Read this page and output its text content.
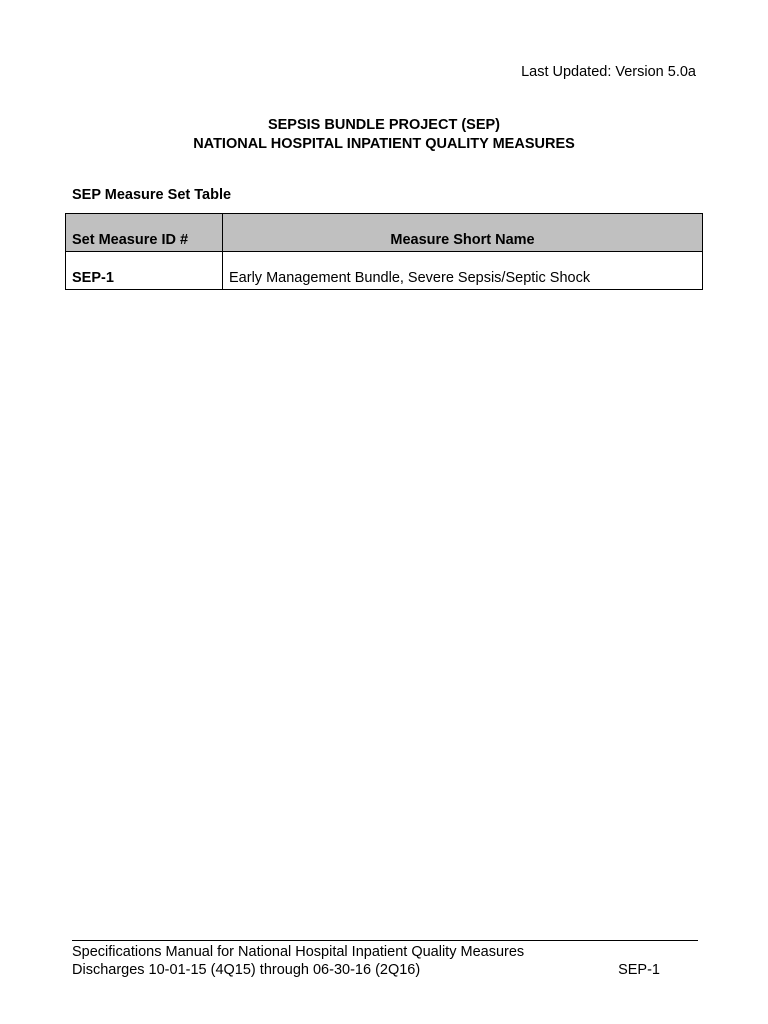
Last Updated: Version 5.0a
SEPSIS BUNDLE PROJECT (SEP)
NATIONAL HOSPITAL INPATIENT QUALITY MEASURES
SEP Measure Set Table
Set Measure ID #	Measure Short Name
SEP-1	Early Management Bundle, Severe Sepsis/Septic Shock
Specifications Manual for National Hospital Inpatient Quality Measures
Discharges 10-01-15 (4Q15) through 06-30-16 (2Q16)	SEP-1
